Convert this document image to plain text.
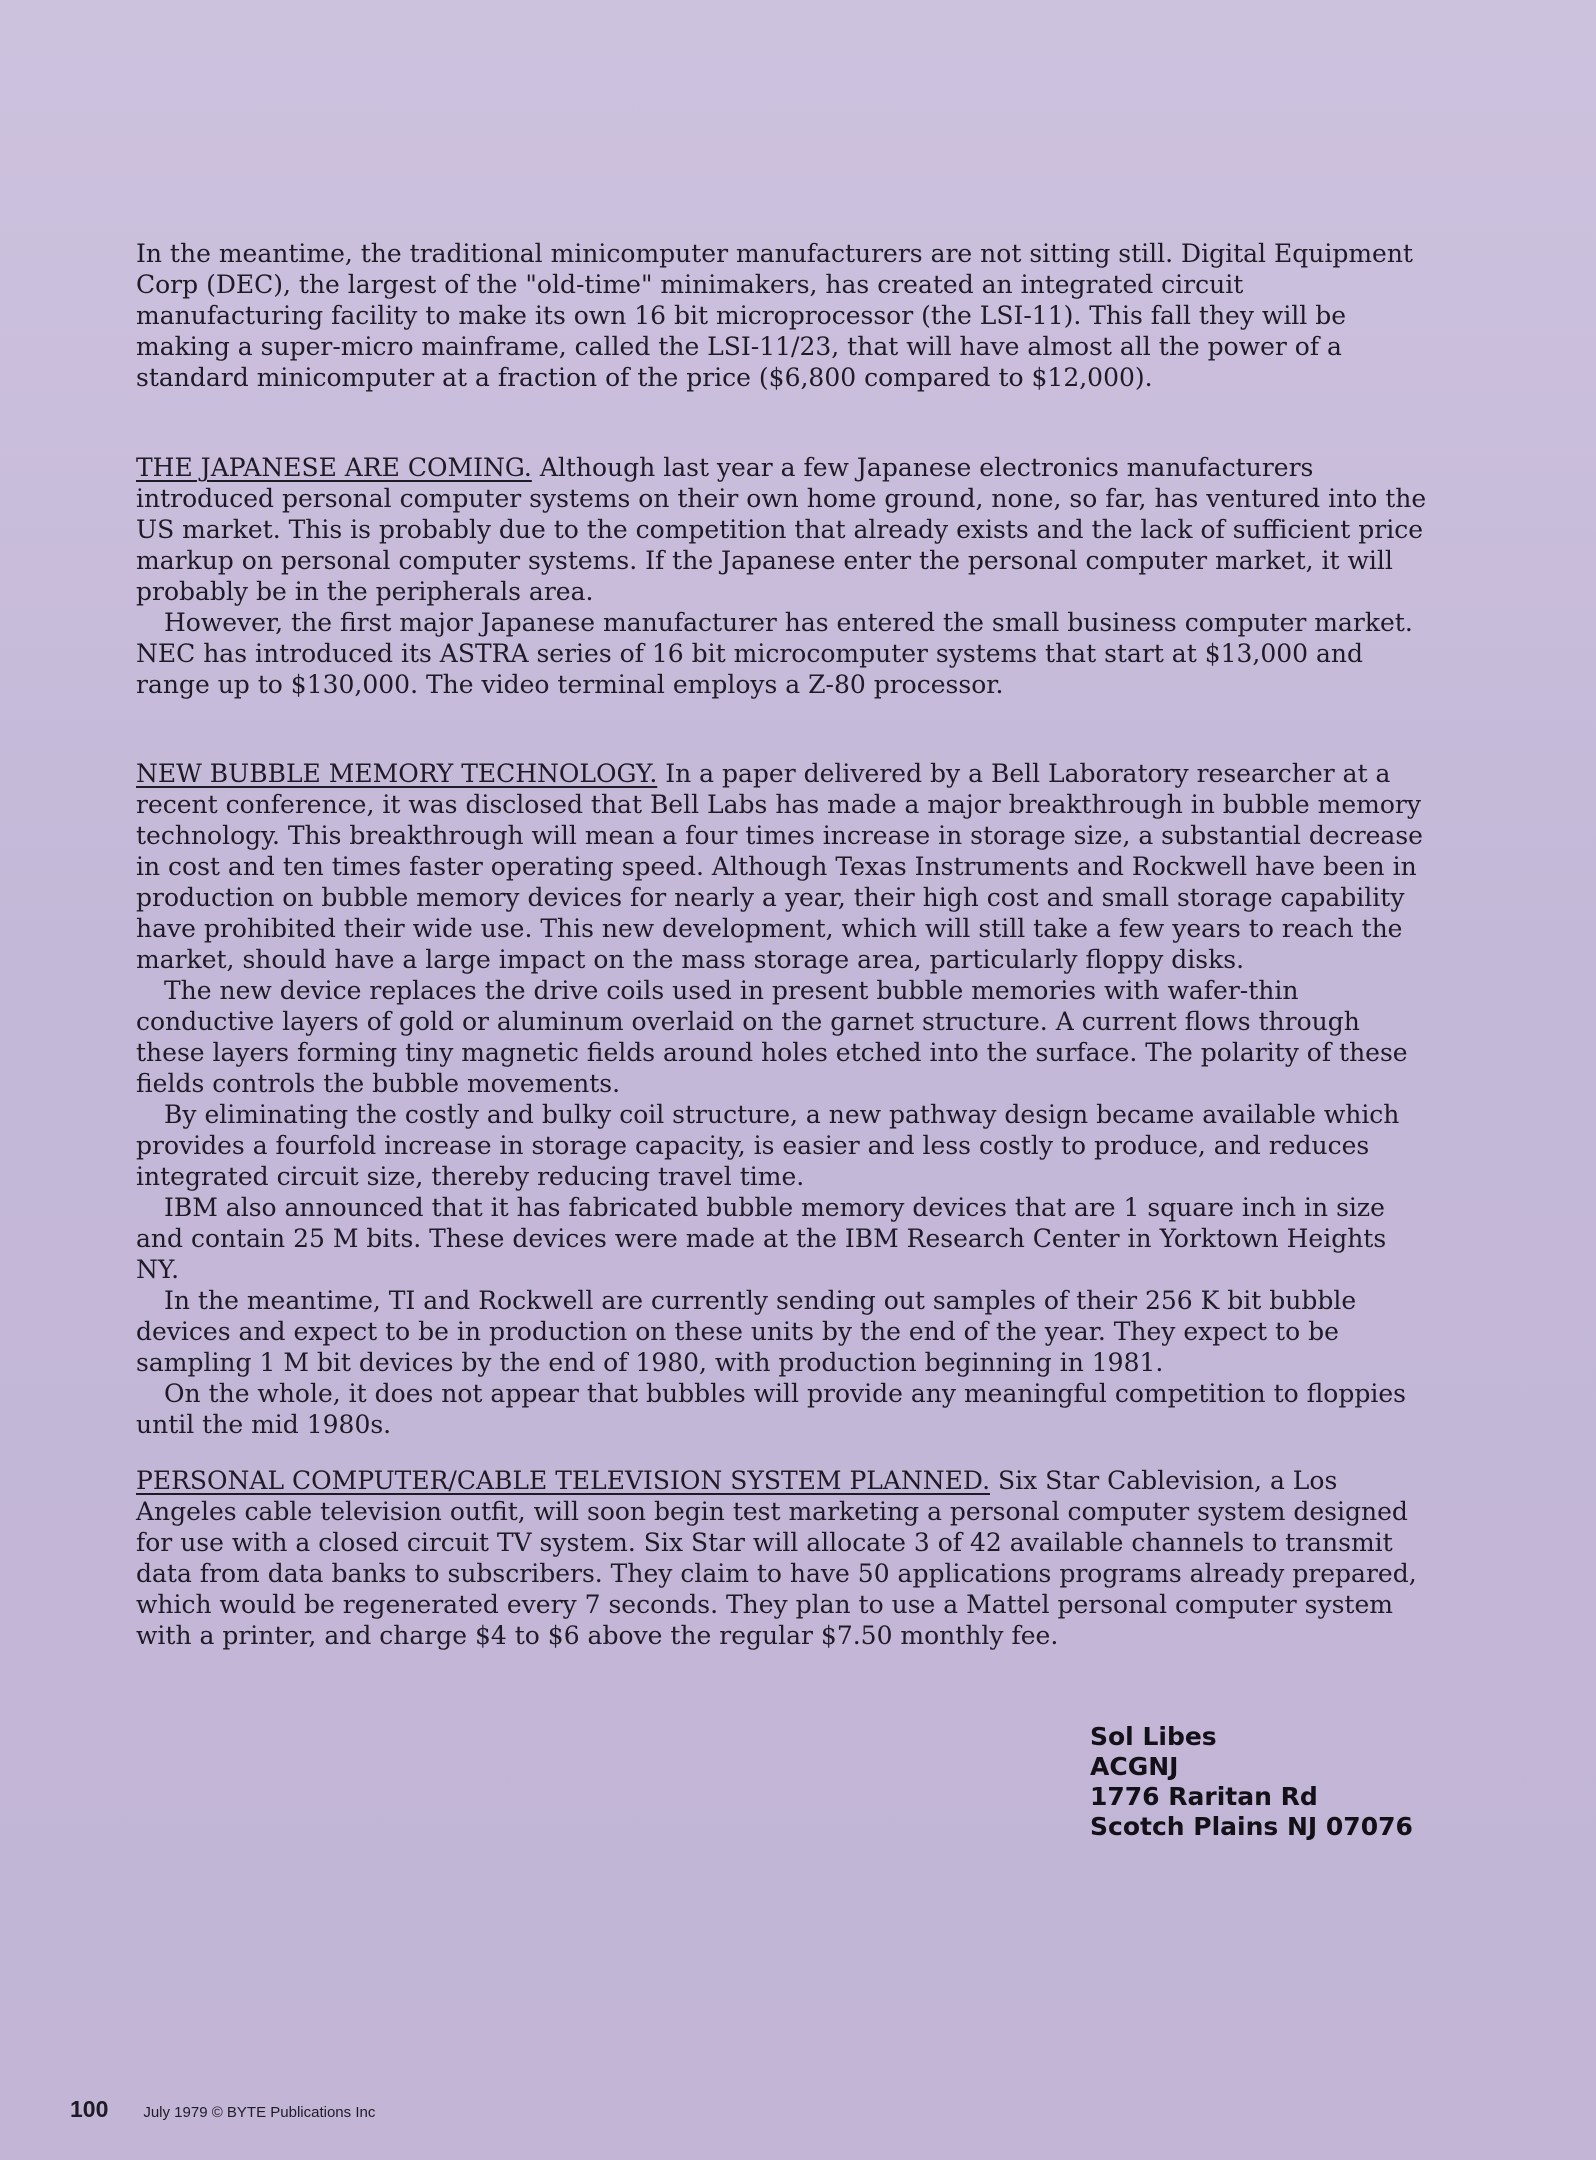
In the meantime, the traditional minicomputer manufacturers are not sitting still. Digital Equipment Corp (DEC), the largest of the "old-time" minimakers, has created an integrated circuit manufacturing facility to make its own 16 bit microprocessor (the LSI-11). This fall they will be making a super-micro mainframe, called the LSI-11/23, that will have almost all the power of a standard minicomputer at a fraction of the price ($6,800 compared to $12,000).

THE JAPANESE ARE COMING. Although last year a few Japanese electronics manufacturers introduced personal computer systems on their own home ground, none, so far, has ventured into the US market. This is probably due to the competition that already exists and the lack of sufficient price markup on personal computer systems. If the Japanese enter the personal computer market, it will probably be in the peripherals area.

However, the first major Japanese manufacturer has entered the small business computer market. NEC has introduced its ASTRA series of 16 bit microcomputer systems that start at $13,000 and range up to $130,000. The video terminal employs a Z-80 processor.

NEW BUBBLE MEMORY TECHNOLOGY. In a paper delivered by a Bell Laboratory researcher at a recent conference, it was disclosed that Bell Labs has made a major breakthrough in bubble memory technology. This breakthrough will mean a four times increase in storage size, a substantial decrease in cost and ten times faster operating speed. Although Texas Instruments and Rockwell have been in production on bubble memory devices for nearly a year, their high cost and small storage capability have prohibited their wide use. This new development, which will still take a few years to reach the market, should have a large impact on the mass storage area, particularly floppy disks.

The new device replaces the drive coils used in present bubble memories with wafer-thin conductive layers of gold or aluminum overlaid on the garnet structure. A current flows through these layers forming tiny magnetic fields around holes etched into the surface. The polarity of these fields controls the bubble movements.

By eliminating the costly and bulky coil structure, a new pathway design became available which provides a fourfold increase in storage capacity, is easier and less costly to produce, and reduces integrated circuit size, thereby reducing travel time.

IBM also announced that it has fabricated bubble memory devices that are 1 square inch in size and contain 25 M bits. These devices were made at the IBM Research Center in Yorktown Heights NY.

In the meantime, TI and Rockwell are currently sending out samples of their 256 K bit bubble devices and expect to be in production on these units by the end of the year. They expect to be sampling 1 M bit devices by the end of 1980, with production beginning in 1981.

On the whole, it does not appear that bubbles will provide any meaningful competition to floppies until the mid 1980s.

PERSONAL COMPUTER/CABLE TELEVISION SYSTEM PLANNED. Six Star Cablevision, a Los Angeles cable television outfit, will soon begin test marketing a personal computer system designed for use with a closed circuit TV system. Six Star will allocate 3 of 42 available channels to transmit data from data banks to subscribers. They claim to have 50 applications programs already prepared, which would be regenerated every 7 seconds. They plan to use a Mattel personal computer system with a printer, and charge $4 to $6 above the regular $7.50 monthly fee.

Sol Libes
ACGNJ
1776 Raritan Rd
Scotch Plains NJ 07076
100 July 1979 © BYTE Publications Inc
